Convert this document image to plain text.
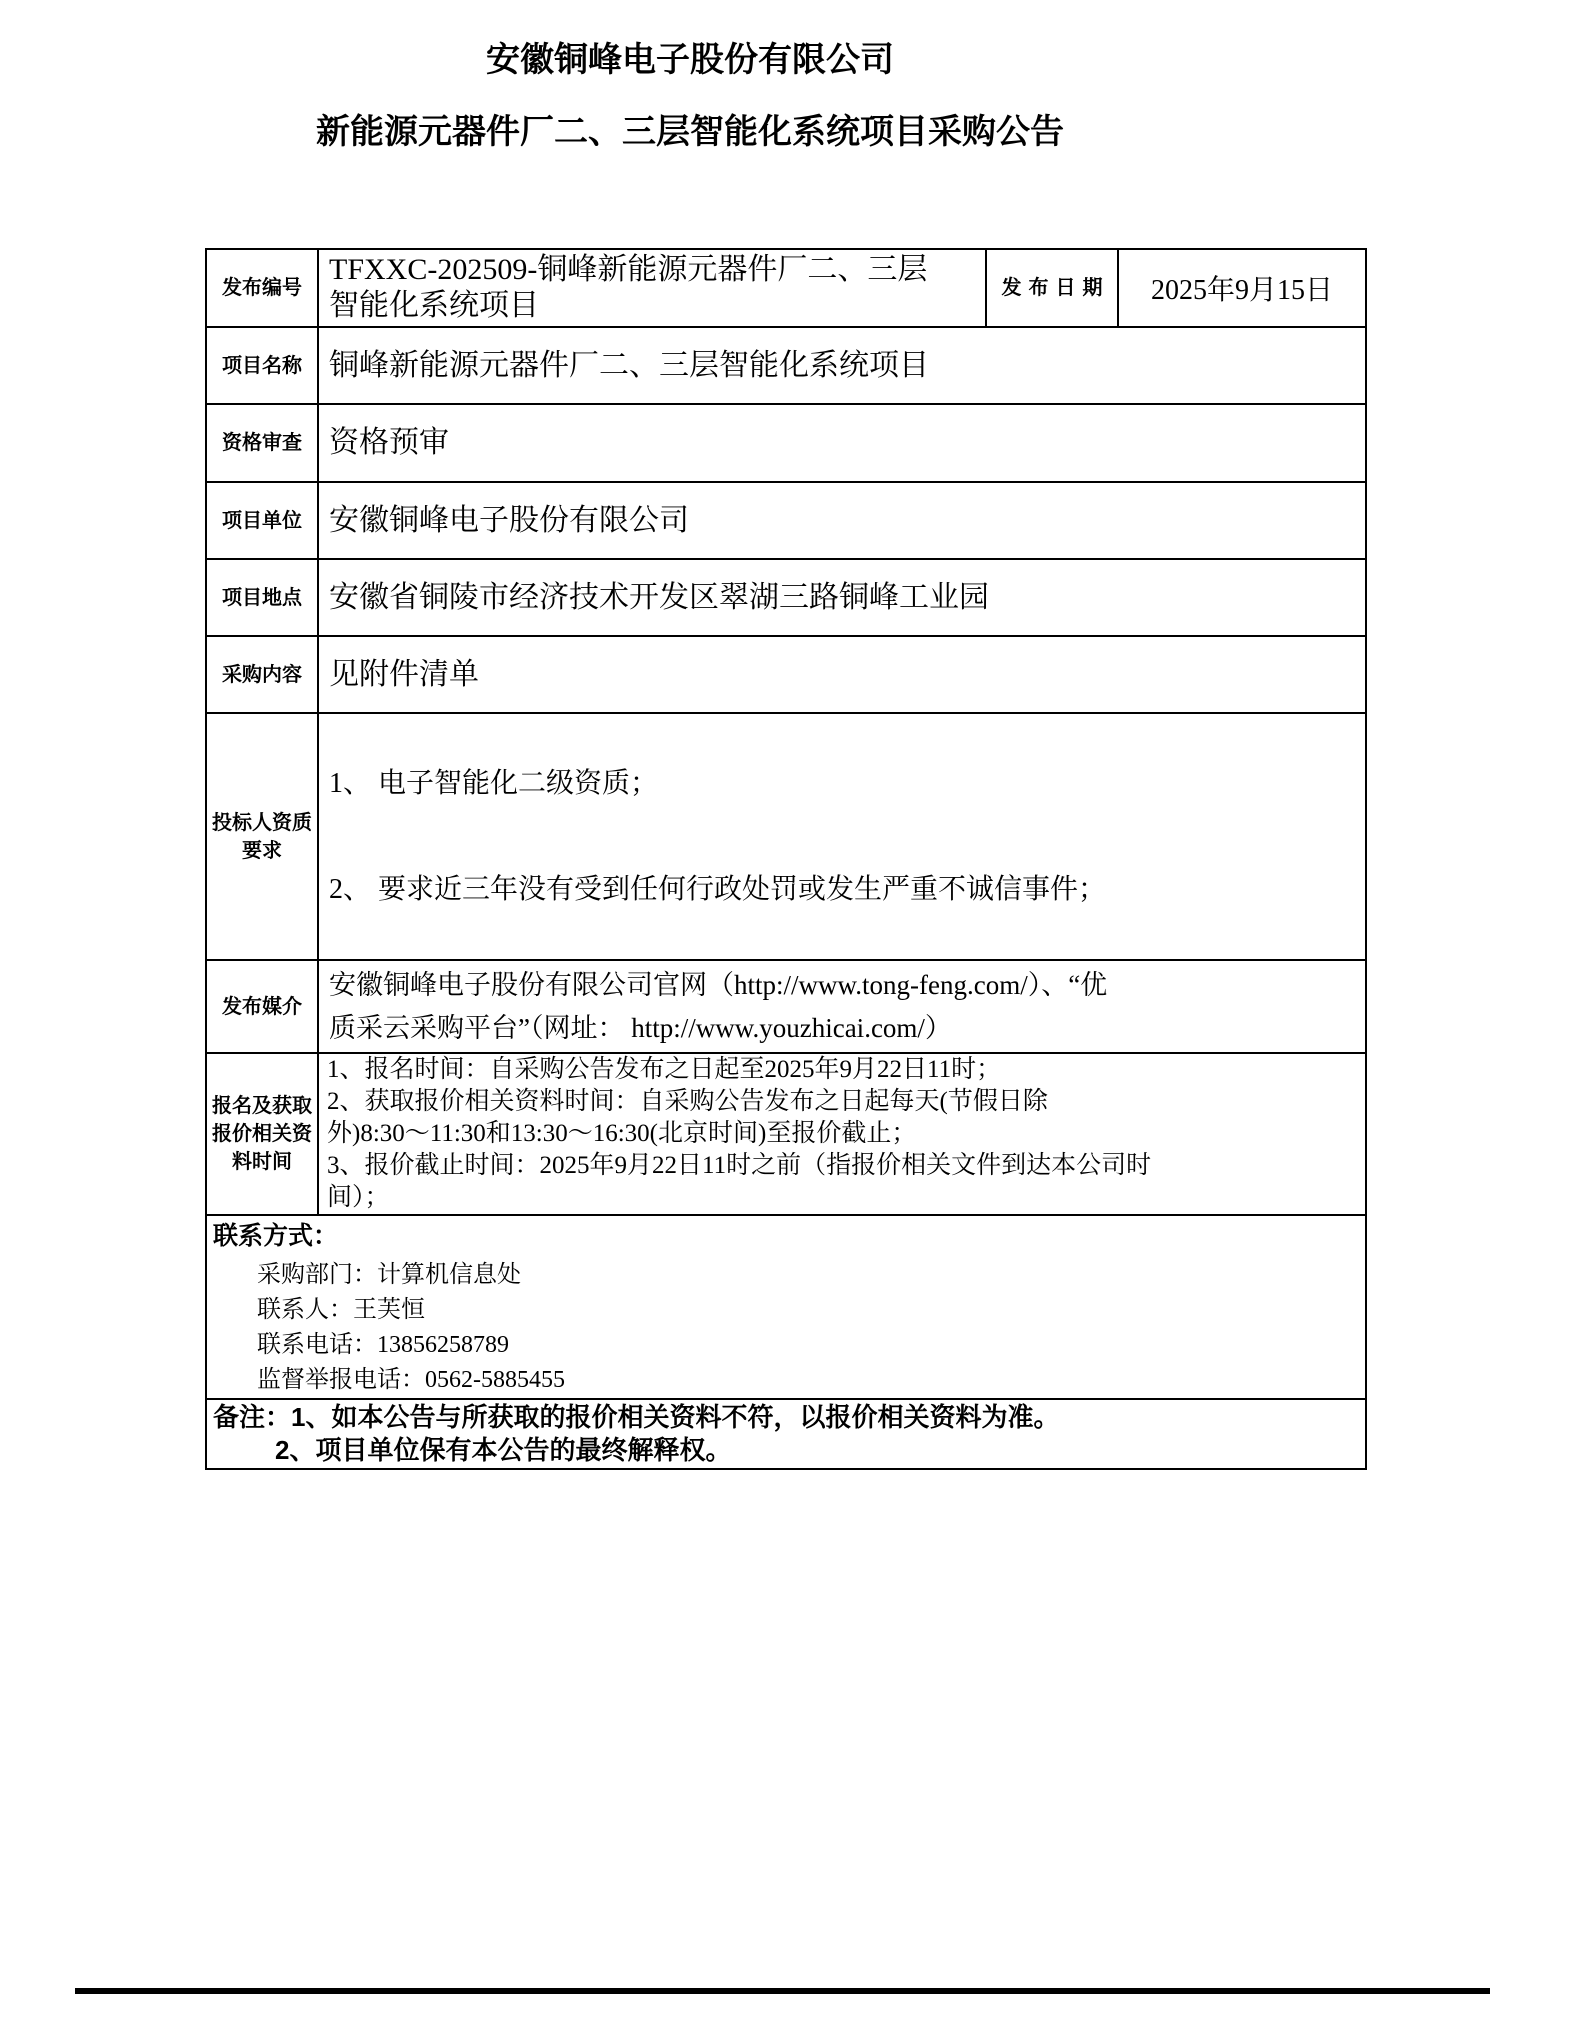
安徽铜峰电子股份有限公司
新能源元器件厂二、三层智能化系统项目采购公告
发布编号	TFXXC-202509-铜峰新能源元器件厂二、三层
智能化系统项目	发布日期	2025年9月15日
项目名称	铜峰新能源元器件厂二、三层智能化系统项目		
资格审查	资格预审		
项目单位	安徽铜峰电子股份有限公司		
项目地点	安徽省铜陵市经济技术开发区翠湖三路铜峰工业园		
采购内容	见附件清单		
投标人资质要求	1、 电子智能化二级资质；
2、 要求近三年没有受到任何行政处罚或发生严重不诚信事件；		

发布媒介	安徽铜峰电子股份有限公司官网（http://www.tong-feng.com/）、“优
质采云采购平台”（网址： http://www.youzhicai.com/）		

报名及获取报价相关资料时间	1、报名时间：自采购公告发布之日起至2025年9月22日11时；
2、获取报价相关资料时间：自采购公告发布之日起每天(节假日除
外)8:30～11:30和13:30～16:30(北京时间)至报价截止；
3、报价截止时间：2025年9月22日11时之前（指报价相关文件到达本公司时
间）；		

联系方式：
采购部门：计算机信息处
联系人：王芙恒
联系电话：13856258789
监督举报电话：0562-5885455			

备注：1、如本公告与所获取的报价相关资料不符，以报价相关资料为准。
2、项目单位保有本公告的最终解释权。			
